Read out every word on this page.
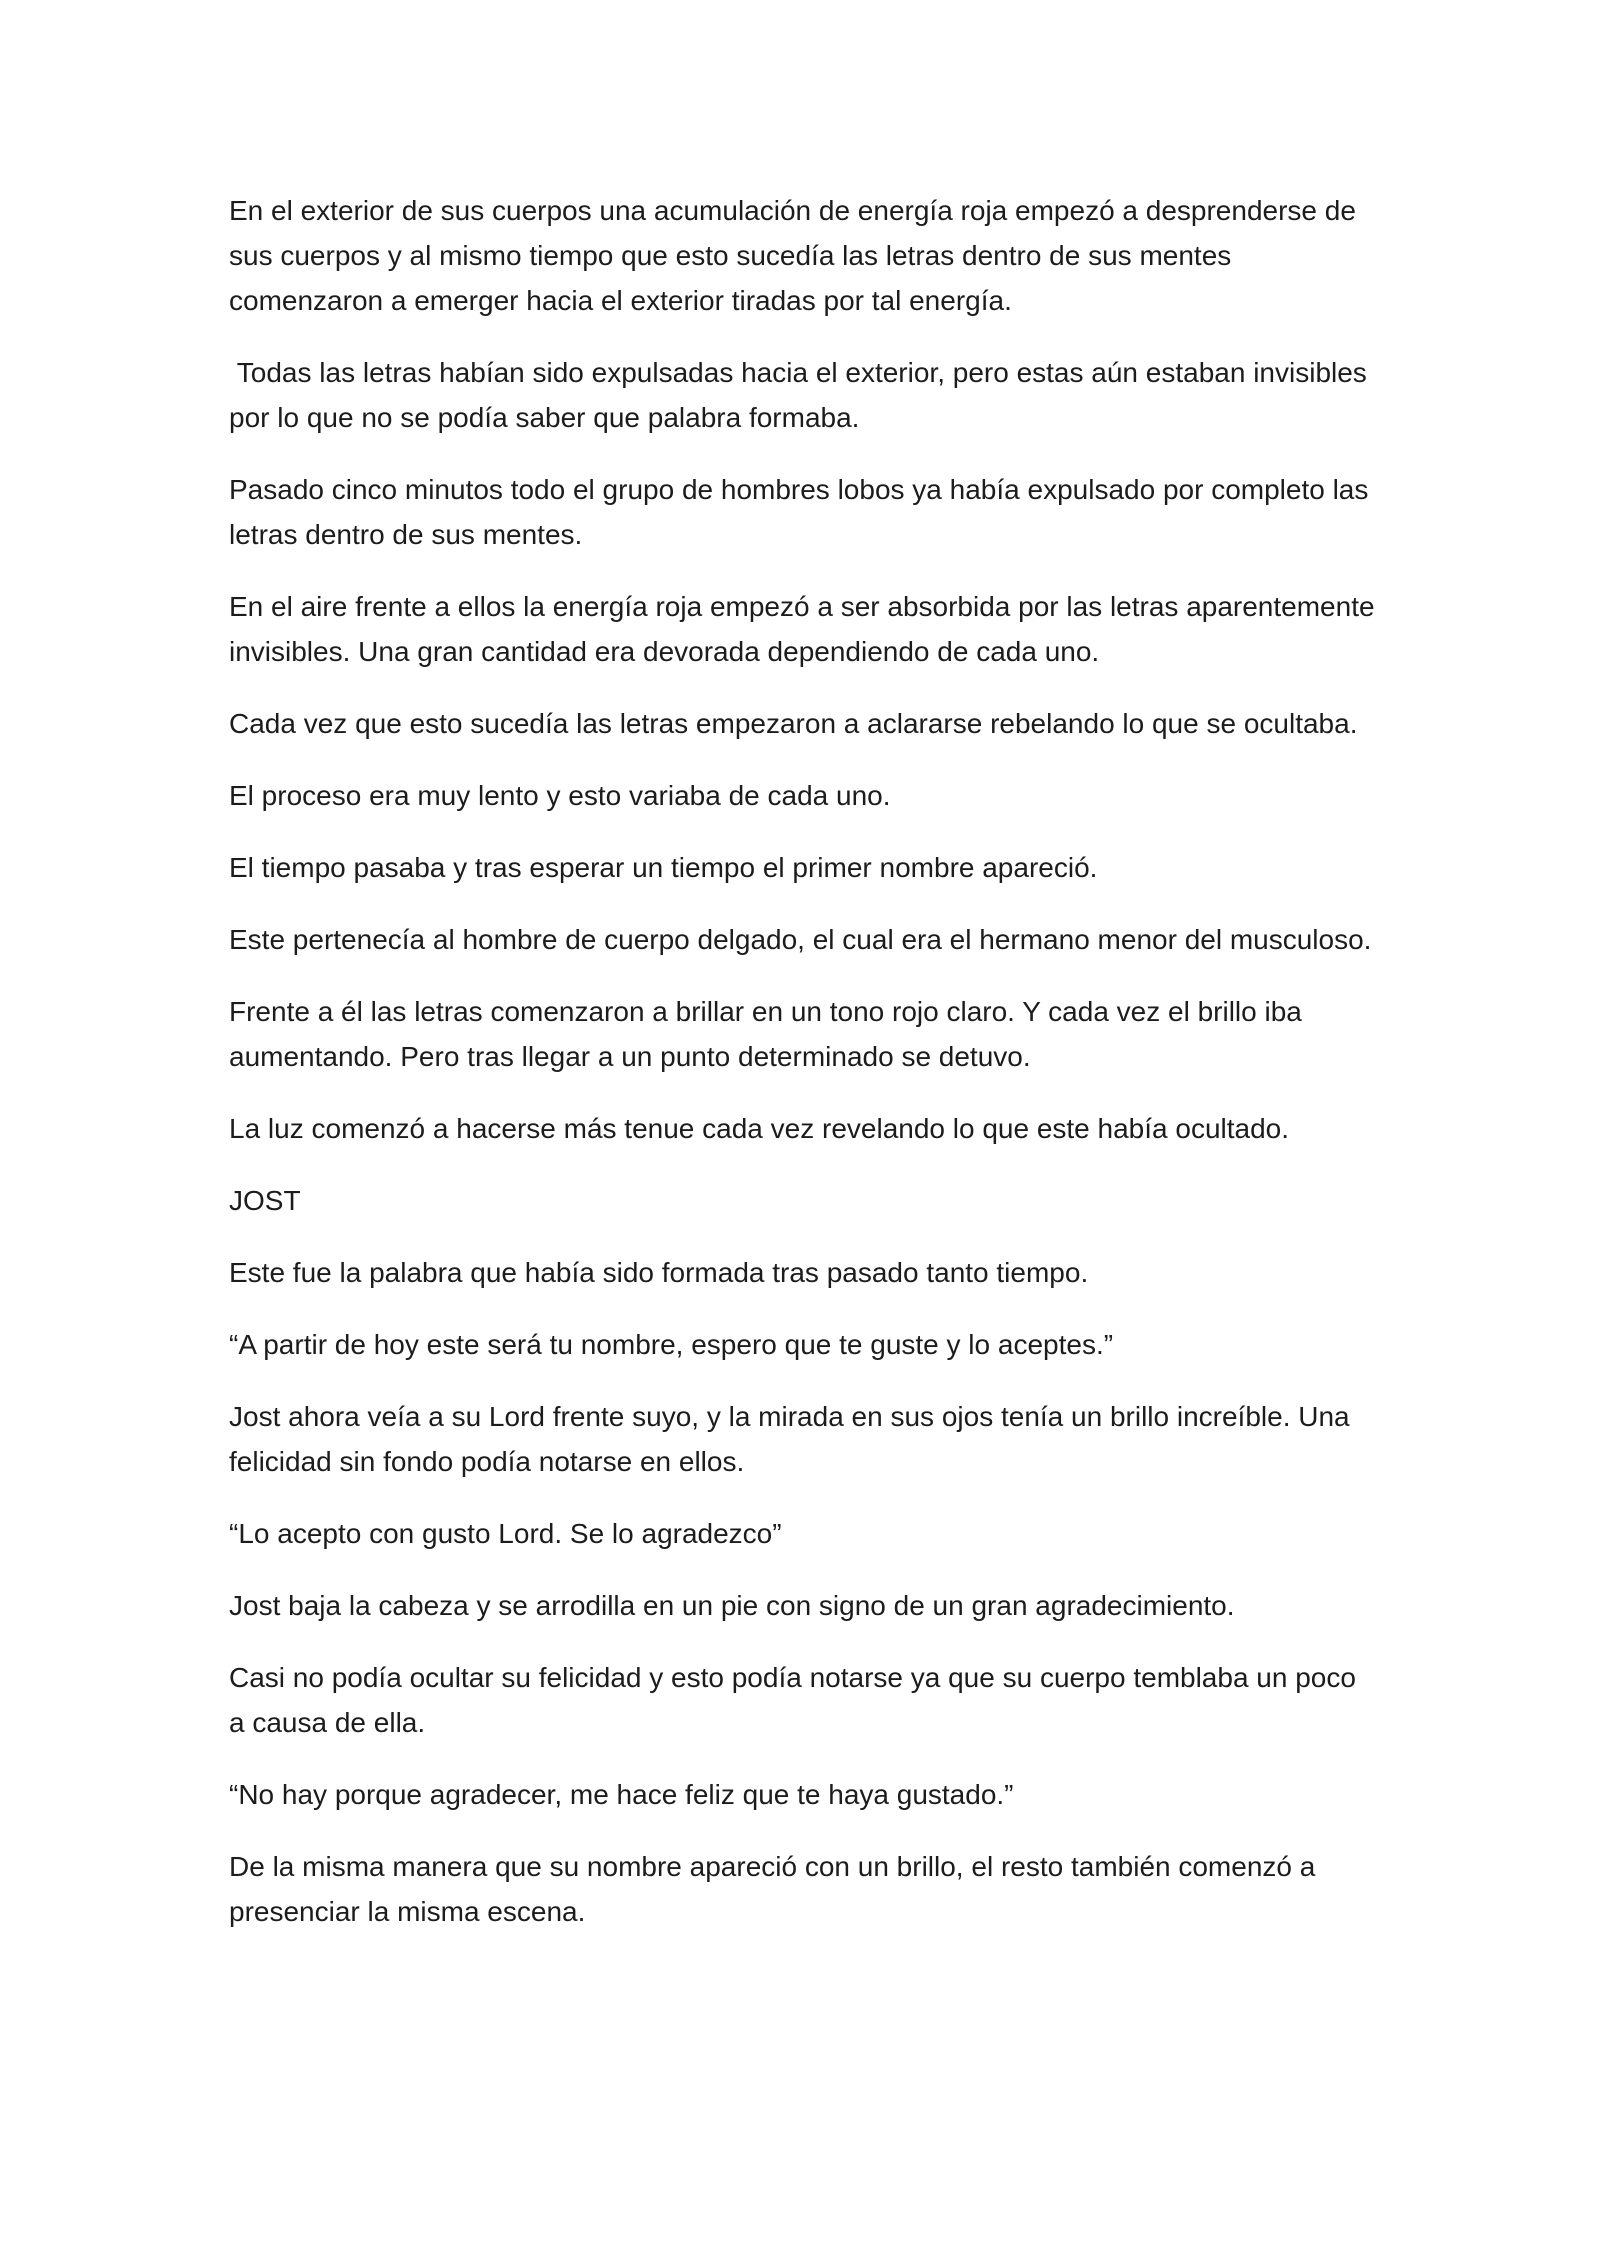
En el exterior de sus cuerpos una acumulación de energía roja empezó a desprenderse de sus cuerpos y al mismo tiempo que esto sucedía las letras dentro de sus mentes comenzaron a emerger hacia el exterior tiradas por tal energía.

Todas las letras habían sido expulsadas hacia el exterior, pero estas aún estaban invisibles por lo que no se podía saber que palabra formaba.

Pasado cinco minutos todo el grupo de hombres lobos ya había expulsado por completo las letras dentro de sus mentes.

En el aire frente a ellos la energía roja empezó a ser absorbida por las letras aparentemente invisibles. Una gran cantidad era devorada dependiendo de cada uno.

Cada vez que esto sucedía las letras empezaron a aclararse rebelando lo que se ocultaba.

El proceso era muy lento y esto variaba de cada uno.

El tiempo pasaba y tras esperar un tiempo el primer nombre apareció.

Este pertenecía al hombre de cuerpo delgado, el cual era el hermano menor del musculoso.

Frente a él las letras comenzaron a brillar en un tono rojo claro. Y cada vez el brillo iba aumentando. Pero tras llegar a un punto determinado se detuvo.

La luz comenzó a hacerse más tenue cada vez revelando lo que este había ocultado.

JOST

Este fue la palabra que había sido formada tras pasado tanto tiempo.

“A partir de hoy este será tu nombre, espero que te guste y lo aceptes.”

Jost ahora veía a su Lord frente suyo, y la mirada en sus ojos tenía un brillo increíble. Una felicidad sin fondo podía notarse en ellos.

“Lo acepto con gusto Lord. Se lo agradezco”

Jost baja la cabeza y se arrodilla en un pie con signo de un gran agradecimiento.

Casi no podía ocultar su felicidad y esto podía notarse ya que su cuerpo temblaba un poco a causa de ella.

“No hay porque agradecer, me hace feliz que te haya gustado.”

De la misma manera que su nombre apareció con un brillo, el resto también comenzó a presenciar la misma escena.
